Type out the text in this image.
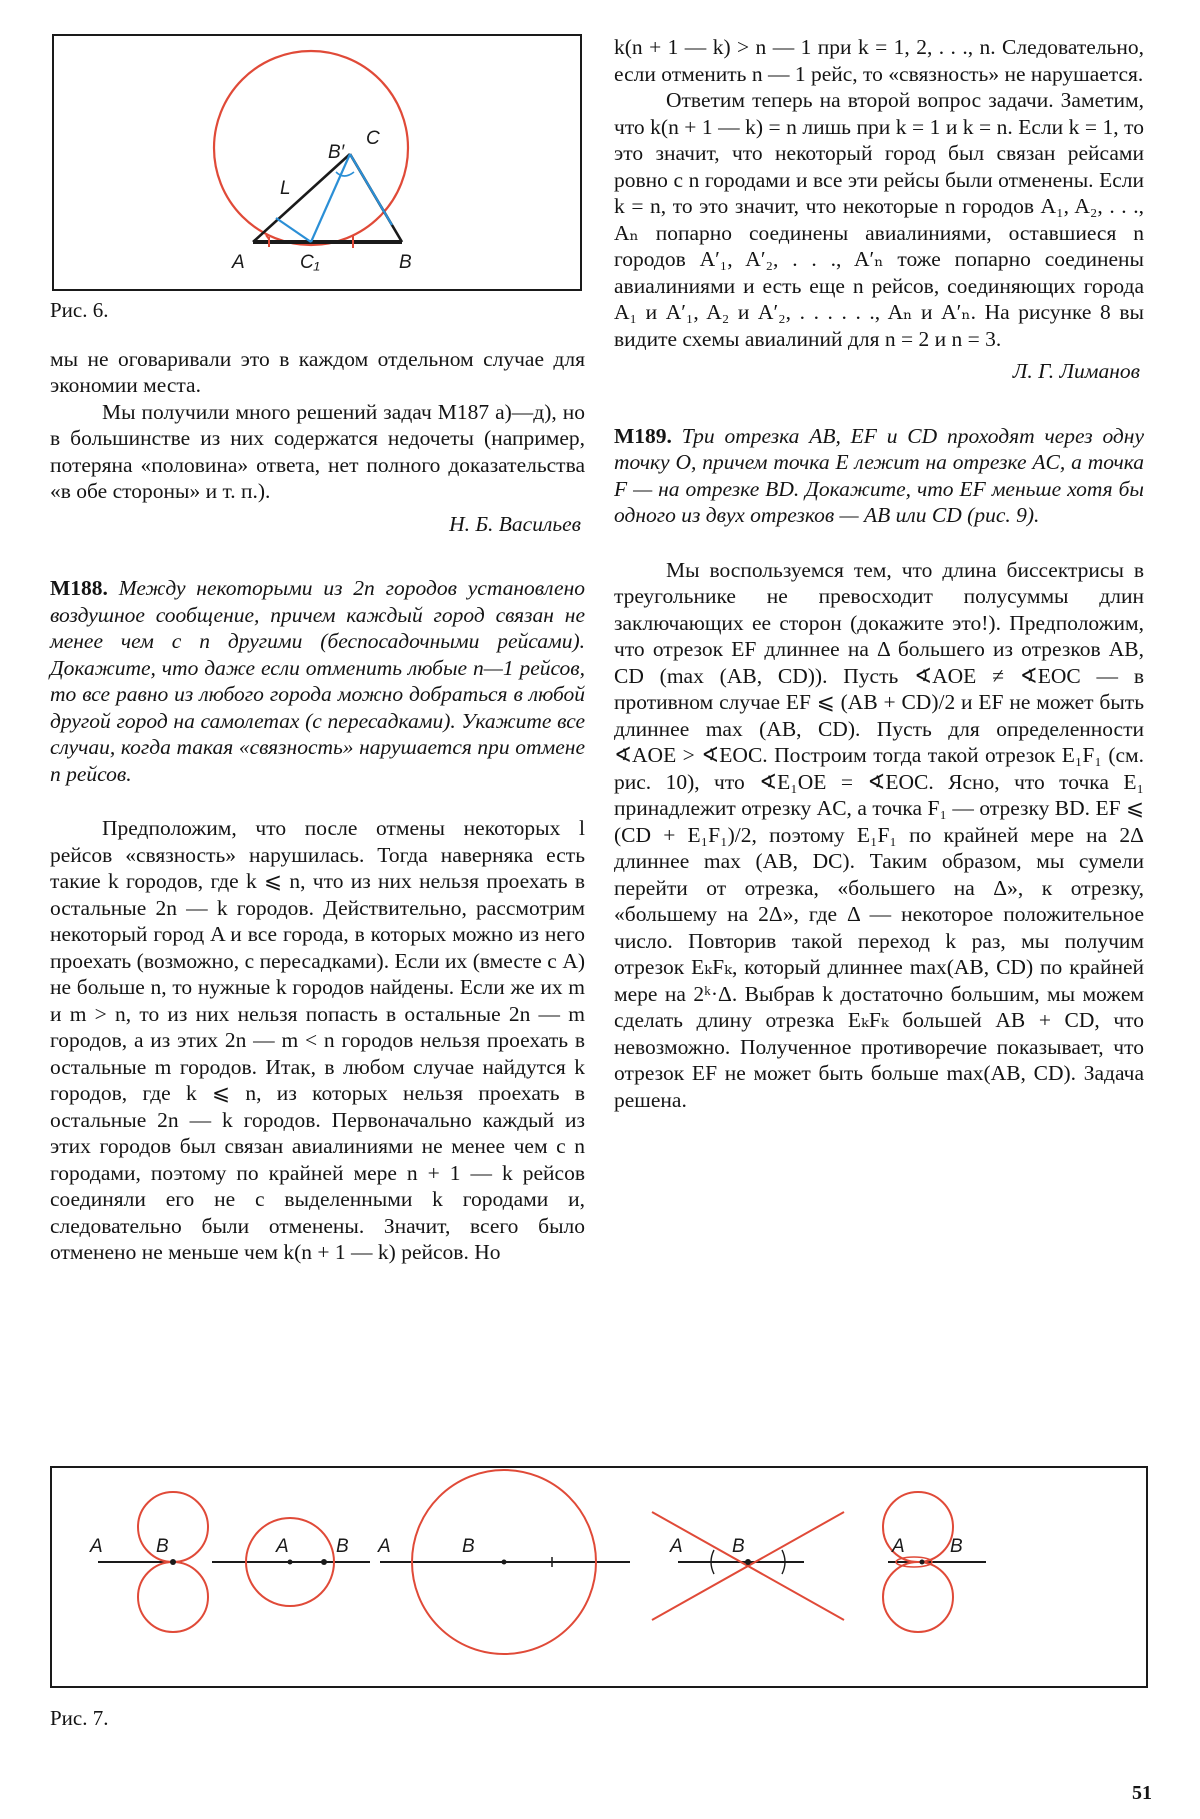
A	B
C₁
C
B′
L
Рис. 6.

мы не оговаривали это в каждом отдельном случае для экономии места.

Мы получили много решений задач M187 а)—д), но в большинстве из них содержатся недочеты (например, потеряна «половина» ответа, нет полного доказательства «в обе стороны» и т. п.).

Н. Б. Васильев

M188. Между некоторыми из 2n городов установлено воздушное сообщение, причем каждый город связан не менее чем с n другими (беспосадочными рейсами). Докажите, что даже если отменить любые n—1 рейсов, то все равно из любого города можно добраться в любой другой город на самолетах (с пересадками). Укажите все случаи, когда такая «связность» нарушается при отмене n рейсов.

Предположим, что после отмены некоторых l рейсов «связность» нарушилась. Тогда наверняка есть такие k городов, где k ⩽ n, что из них нельзя проехать в остальные 2n — k городов. Действительно, рассмотрим некоторый город A и все города, в которых можно из него проехать (возможно, с пересадками). Если их (вместе с A) не больше n, то нужные k городов найдены. Если же их m и m > n, то из них нельзя попасть в остальные 2n — m городов, а из этих 2n — m < n городов нельзя проехать в остальные m городов. Итак, в любом случае найдутся k городов, где k ⩽ n, из которых нельзя проехать в остальные 2n — k городов. Первоначально каждый из этих городов был связан авиалиниями не менее чем с n городами, поэтому по крайней мере n + 1 — k рейсов соединяли его не с выделенными k городами и, следовательно были отменены. Значит, всего было отменено не меньше чем k(n + 1 — k) рейсов. Но

k(n + 1 — k) > n — 1 при k = 1, 2, . . ., n. Следовательно, если отменить n — 1 рейс, то «связность» не нарушается.

Ответим теперь на второй вопрос задачи. Заметим, что k(n + 1 — k) = n лишь при k = 1 и k = n. Если k = 1, то это значит, что некоторый город был связан рейсами ровно с n городами и все эти рейсы были отменены. Если k = n, то это значит, что некоторые n городов A₁, A₂, . . ., Aₙ попарно соединены авиалиниями, оставшиеся n городов A′₁, A′₂, . . ., A′ₙ тоже попарно соединены авиалиниями и есть еще n рейсов, соединяющих города A₁ и A′₁, A₂ и A′₂, . . . . . ., Aₙ и A′ₙ. На рисунке 8 вы видите схемы авиалиний для n = 2 и n = 3.

Л. Г. Лиманов

M189. Три отрезка AB, EF и CD проходят через одну точку O, причем точка E лежит на отрезке AC, а точка F — на отрезке BD. Докажите, что EF меньше хотя бы одного из двух отрезков — AB или CD (рис. 9).

Мы воспользуемся тем, что длина биссектрисы в треугольнике не превосходит полусуммы длин заключающих ее сторон (докажите это!). Предположим, что отрезок EF длиннее на Δ большего из отрезков AB, CD (max (AB, CD)). Пусть ∢AOE ≠ ∢EOC — в противном случае EF ⩽ (AB + CD)/2 и EF не может быть длиннее max (AB, CD). Пусть для определенности ∢AOE > ∢EOC. Построим тогда такой отрезок E₁F₁ (см. рис. 10), что ∢E₁OE = ∢EOC. Ясно, что точка E₁ принадлежит отрезку AC, а точка F₁ — отрезку BD. EF ⩽ (CD + E₁F₁)/2, поэтому E₁F₁ по крайней мере на 2Δ длиннее max (AB, DC). Таким образом, мы сумели перейти от отрезка, «большего на Δ», к отрезку, «большему на 2Δ», где Δ — некоторое положительное число. Повторив такой переход k раз, мы получим отрезок EₖFₖ, который длиннее max(AB, CD) по крайней мере на 2ᵏ·Δ. Выбрав k достаточно большим, мы можем сделать длину отрезка EₖFₖ большей AB + CD, что невозможно. Полученное противоречие показывает, что отрезок EF не может быть больше max(AB, CD). Задача решена.

A	B	A B A	B	A	B	A B
Рис. 7.
51
